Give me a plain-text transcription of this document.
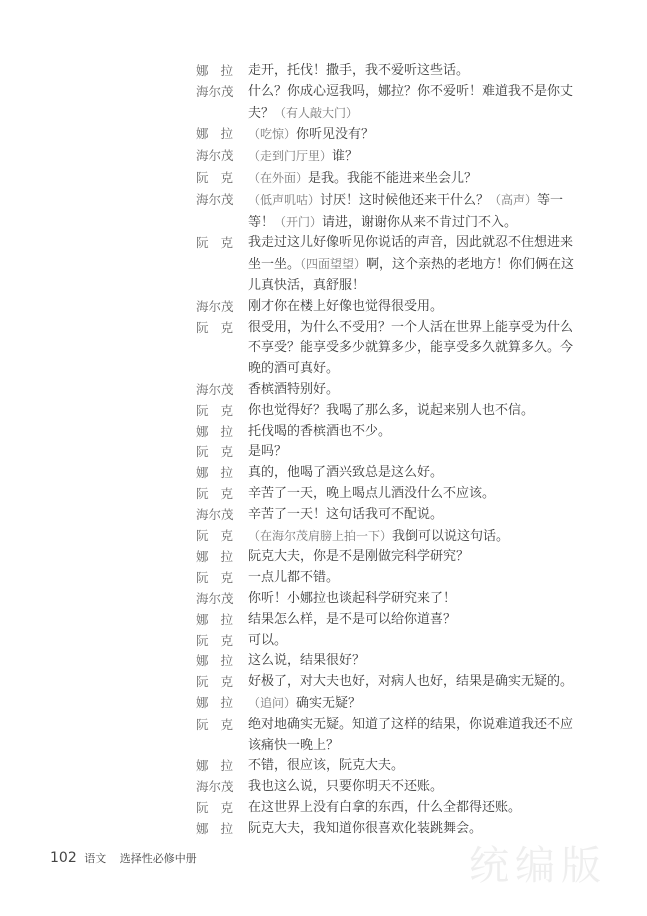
娜拉 走开，托伐！撒手，我不爱听这些话。
海尔茂	什么？你成心逗我吗，娜拉？你不爱听！难道我不是你丈夫？（有人敲大门）
娜拉 （吃惊）你听见没有？
海尔茂	（走到门厅里）谁？
阮克 （在外面）是我。我能不能进来坐会儿？
海尔茂	（低声叽咕）讨厌！这时候他还来干什么？（高声）等一等！（开门）请进，谢谢你从来不肯过门不入。
阮克 我走过这儿好像听见你说话的声音，因此就忍不住想进来坐一坐。（四面望望）啊，这个亲热的老地方！你们俩在这儿真快活，真舒服！
海尔茂	刚才你在楼上好像也觉得很受用。
阮克 很受用，为什么不受用？一个人活在世界上能享受为什么不享受？能享受多少就算多少，能享受多久就算多久。今晚的酒可真好。
海尔茂	香槟酒特别好。
阮克 你也觉得好？我喝了那么多，说起来别人也不信。
娜拉 托伐喝的香槟酒也不少。
阮克 是吗？
娜拉 真的，他喝了酒兴致总是这么好。
阮克 辛苦了一天，晚上喝点儿酒没什么不应该。
海尔茂	辛苦了一天！这句话我可不配说。
阮克 （在海尔茂肩膀上拍一下）我倒可以说这句话。
娜拉 阮克大夫，你是不是刚做完科学研究？
阮克 一点儿都不错。
海尔茂	你听！小娜拉也谈起科学研究来了！
娜拉 结果怎么样，是不是可以给你道喜？
阮克 可以。
娜拉 这么说，结果很好？
阮克 好极了，对大夫也好，对病人也好，结果是确实无疑的。
娜拉 （追问）确实无疑？
阮克 绝对地确实无疑。知道了这样的结果，你说难道我还不应该痛快一晚上？
娜拉 不错，很应该，阮克大夫。
海尔茂	我也这么说，只要你明天不还账。
阮克 在这世界上没有白拿的东西，什么全都得还账。
娜拉 阮克大夫，我知道你很喜欢化装跳舞会。
102 语文 选择性必修中册	统编版
